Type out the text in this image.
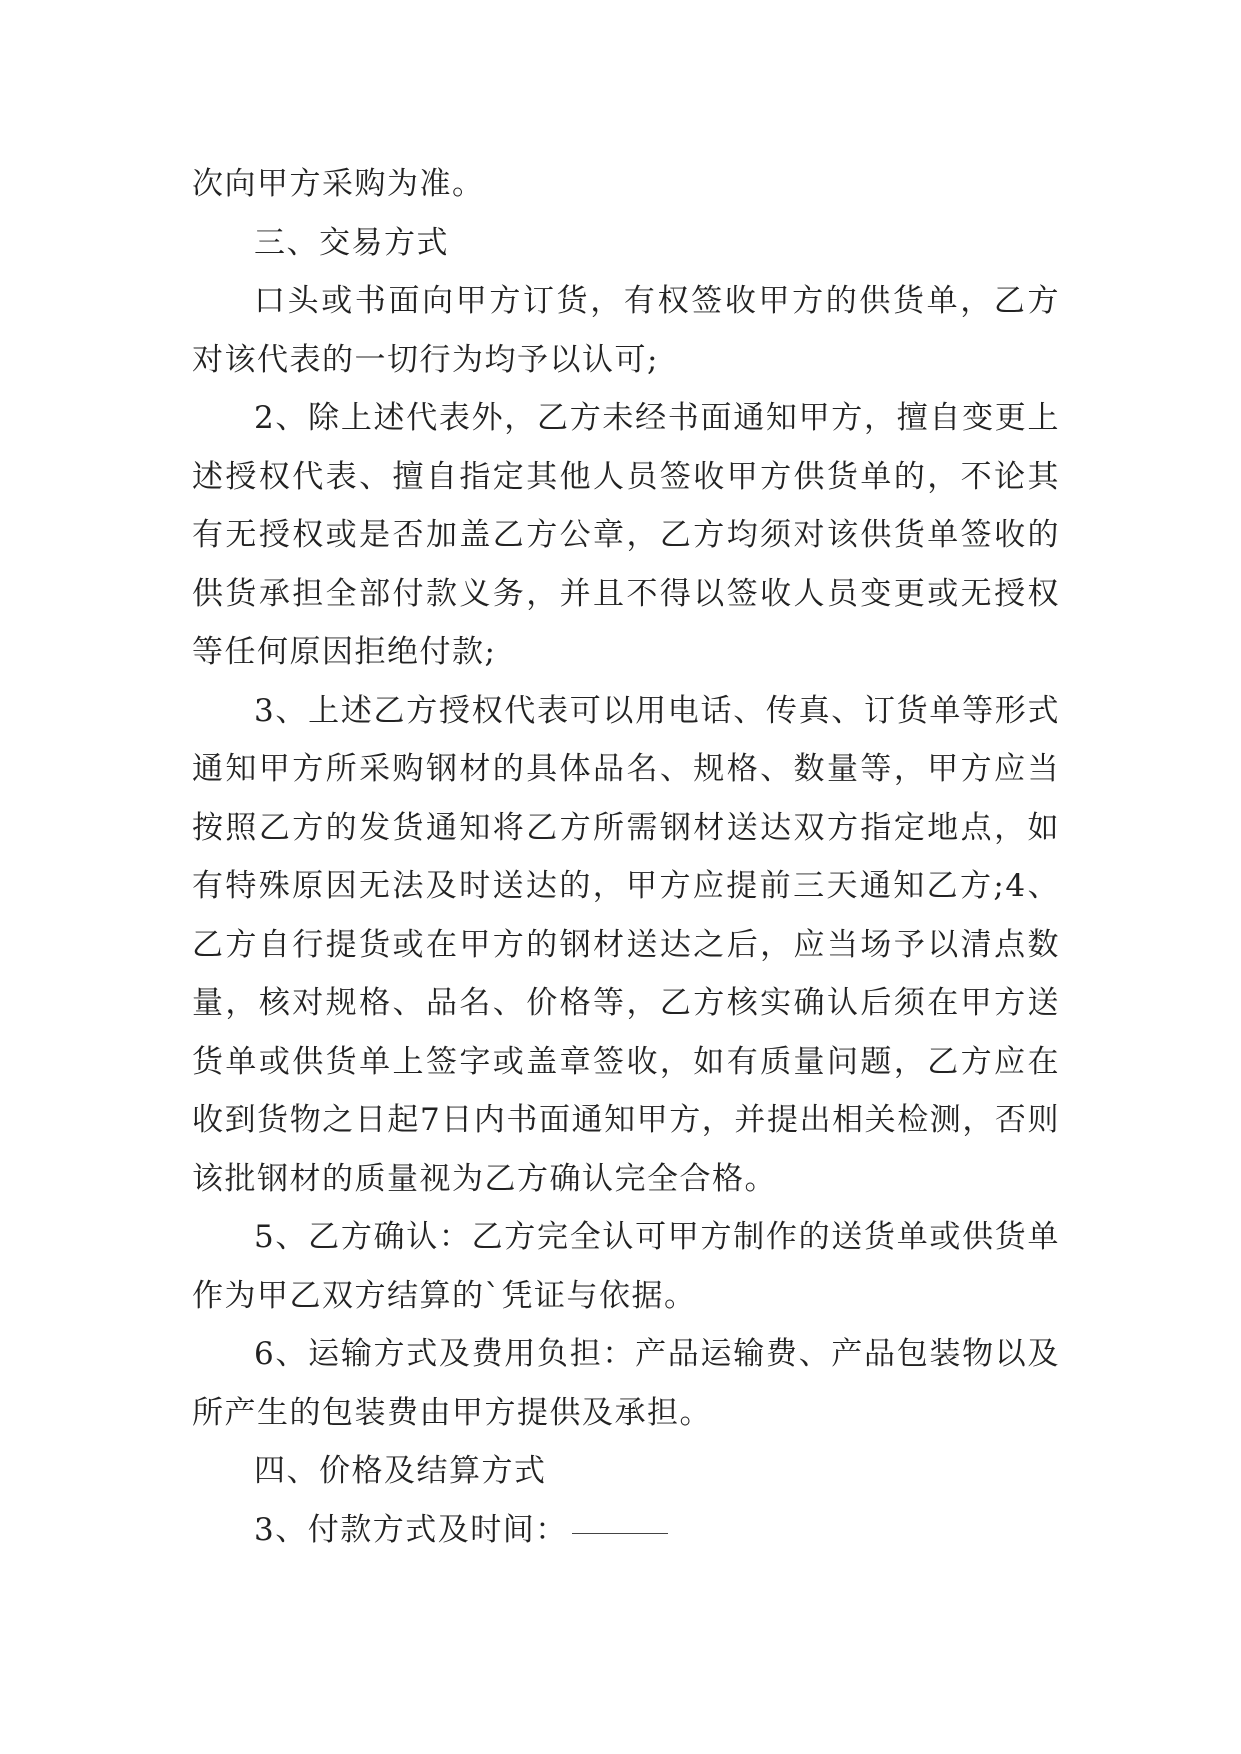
次向甲方采购为准。

三、交易方式

口头或书面向甲方订货，有权签收甲方的供货单，乙方对该代表的一切行为均予以认可;

2、除上述代表外，乙方未经书面通知甲方，擅自变更上述授权代表、擅自指定其他人员签收甲方供货单的，不论其有无授权或是否加盖乙方公章，乙方均须对该供货单签收的供货承担全部付款义务，并且不得以签收人员变更或无授权等任何原因拒绝付款;

3、上述乙方授权代表可以用电话、传真、订货单等形式通知甲方所采购钢材的具体品名、规格、数量等，甲方应当按照乙方的发货通知将乙方所需钢材送达双方指定地点，如有特殊原因无法及时送达的，甲方应提前三天通知乙方;4、乙方自行提货或在甲方的钢材送达之后，应当场予以清点数量，核对规格、品名、价格等，乙方核实确认后须在甲方送货单或供货单上签字或盖章签收，如有质量问题，乙方应在收到货物之日起7日内书面通知甲方，并提出相关检测，否则该批钢材的质量视为乙方确认完全合格。

5、乙方确认：乙方完全认可甲方制作的送货单或供货单作为甲乙双方结算的`凭证与依据。

6、运输方式及费用负担：产品运输费、产品包装物以及所产生的包装费由甲方提供及承担。

四、价格及结算方式

3、付款方式及时间：
